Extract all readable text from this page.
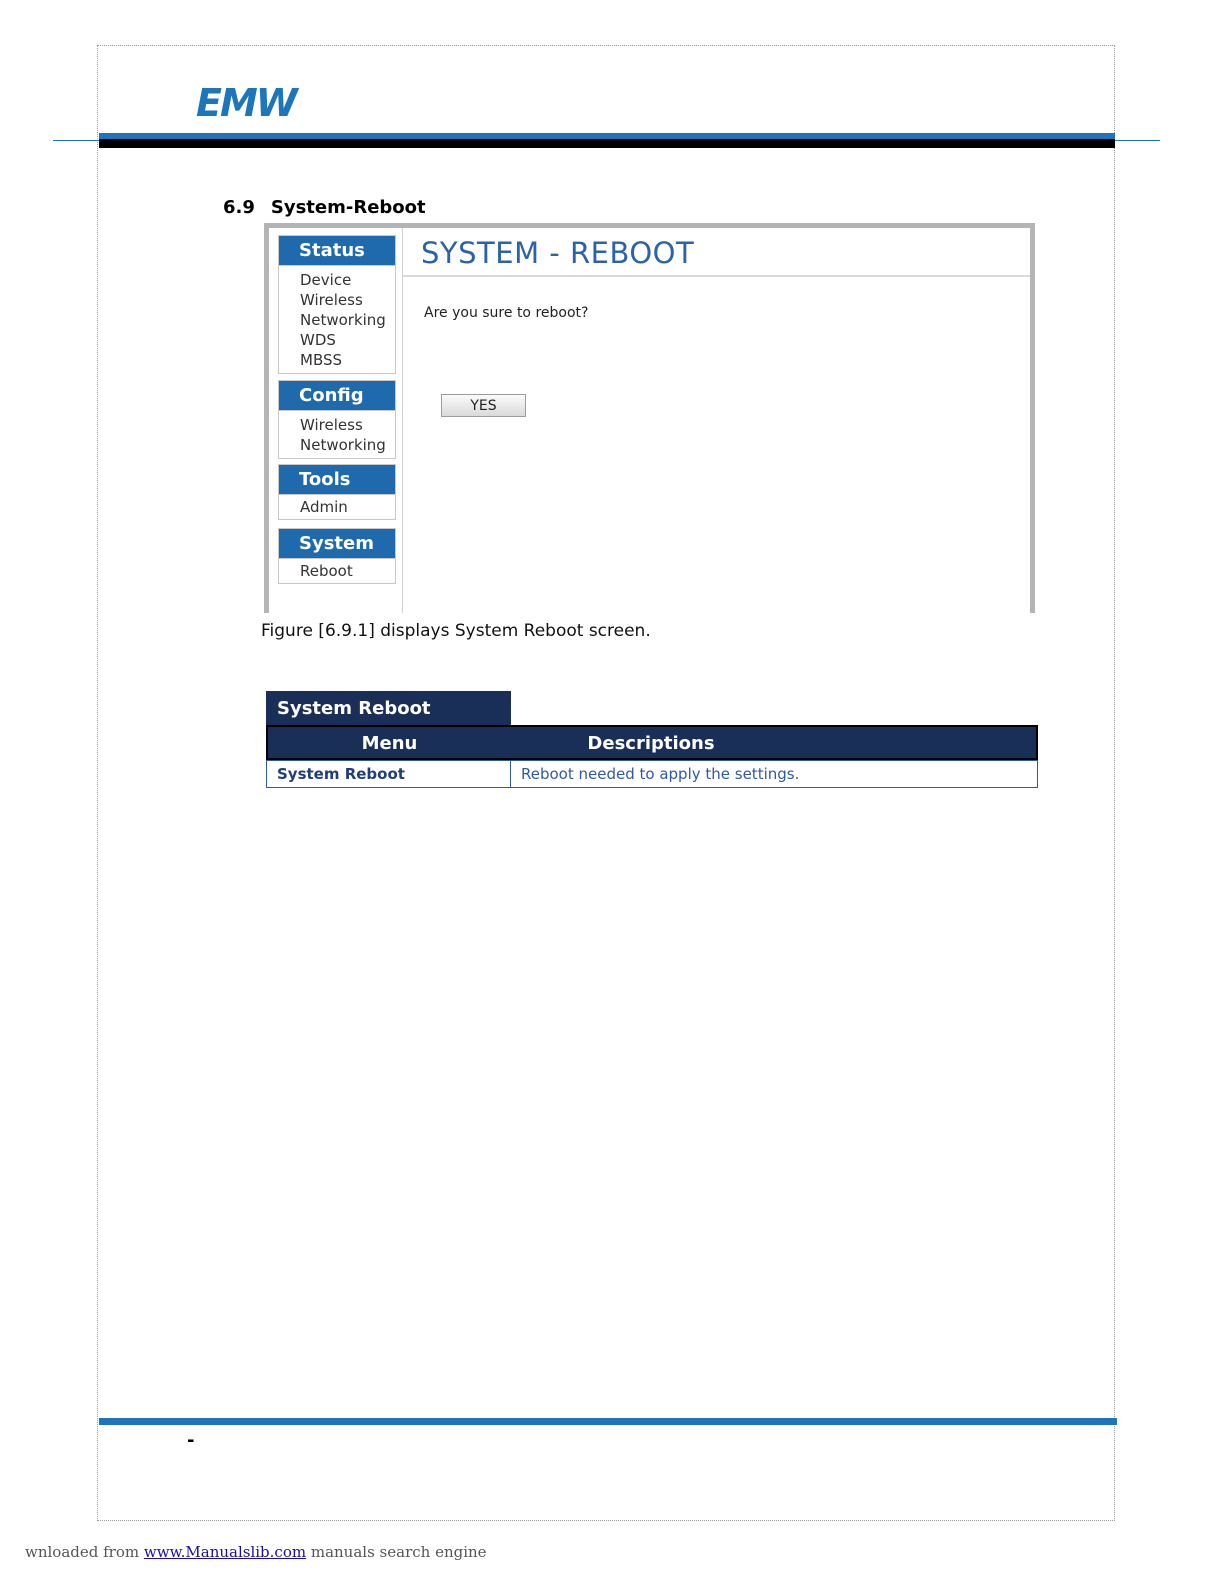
EMW
6.9 System-Reboot
Status
Device
Wireless
Networking
WDS
MBSS
Config
Wireless
Networking
Tools
Admin
System
Reboot
SYSTEM - REBOOT
Are you sure to reboot?
YES
Figure [6.9.1] displays System Reboot screen.
System Reboot
Menu	Descriptions
System Reboot	Reboot needed to apply the settings.
-
wnloaded from www.Manualslib.com manuals search engine
